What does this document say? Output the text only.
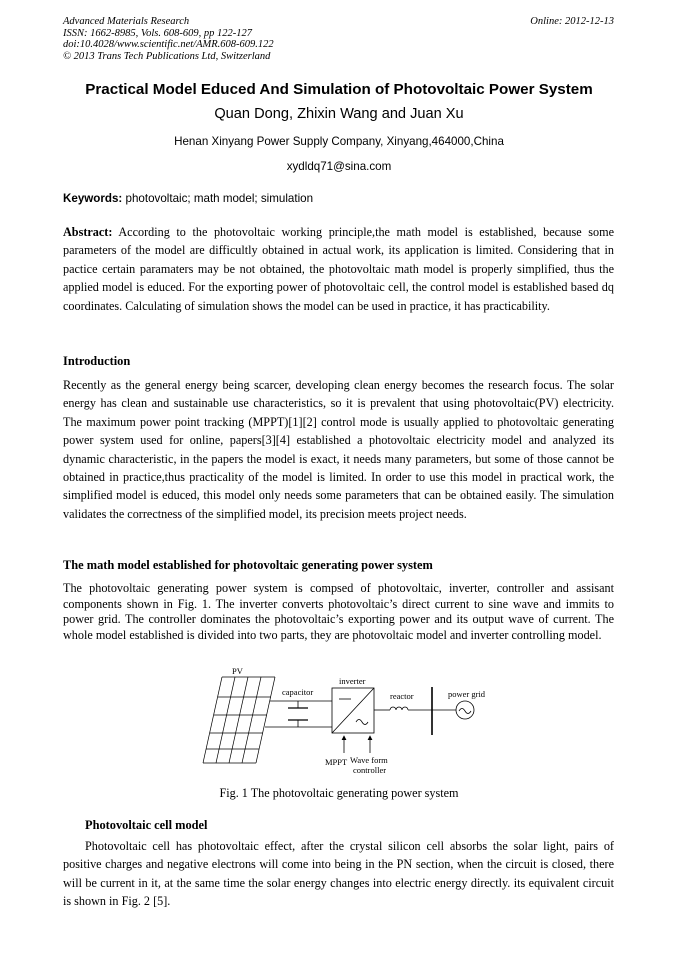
Advanced Materials Research
ISSN: 1662-8985, Vols. 608-609, pp 122-127
doi:10.4028/www.scientific.net/AMR.608-609.122
© 2013 Trans Tech Publications Ltd, Switzerland
Online: 2012-12-13
Practical Model Educed And Simulation of Photovoltaic Power System
Quan Dong, Zhixin Wang and Juan Xu
Henan Xinyang Power Supply Company, Xinyang,464000,China
xydldq71@sina.com
Keywords: photovoltaic; math model; simulation
Abstract: According to the photovoltaic working principle,the math model is established, because some parameters of the model are difficultly obtained in actual work, its application is limited. Considering that in pactice certain paramaters may be not obtained, the photovoltaic math model is properly simplified, thus the applied model is educed. For the exporting power of photovoltaic cell, the control model is established based dq coordinates. Calculating of simulation shows the model can be used in practice, it has practicability.
Introduction
Recently as the general energy being scarcer, developing clean energy becomes the research focus. The solar energy has clean and sustainable use characteristics, so it is prevalent that using photovoltaic(PV) electricity. The maximum power point tracking (MPPT)[1][2] control mode is usually applied to photovoltaic generating power system used for online, papers[3][4] established a photovoltaic electricity model and analyzed its dynamic characteristic, in the papers the model is exact, it needs many parameters, but some of those cannot be obtained in practice,thus practicality of the model is limited. In order to use this model in practical work, the simplified model is educed, this model only needs some parameters that can be obtained easily. The simulation validates the correctness of the simplified model, its precision meets project needs.
The math model established for photovoltaic generating power system
The photovoltaic generating power system is compsed of photovoltaic, inverter, controller and assisant components shown in Fig. 1. The inverter converts photovoltaic’s direct current to sine wave and immits to power grid. The controller dominates the photovoltaic’s exporting power and its output wave of current. The whole model established is divided into two parts, they are photovoltaic model and inverter controlling model.
PV
capacitor
inverter
reactor	power grid
MPPT Wave form
controller
Fig. 1 The photovoltaic generating power system
Photovoltaic cell model
Photovoltaic cell has photovoltaic effect, after the crystal silicon cell absorbs the solar light, pairs of positive charges and negative electrons will come into being in the PN section, when the circuit is closed, there will be current in it, at the same time the solar energy changes into electric energy directly. its equivalent circuit is shown in Fig. 2 [5].
